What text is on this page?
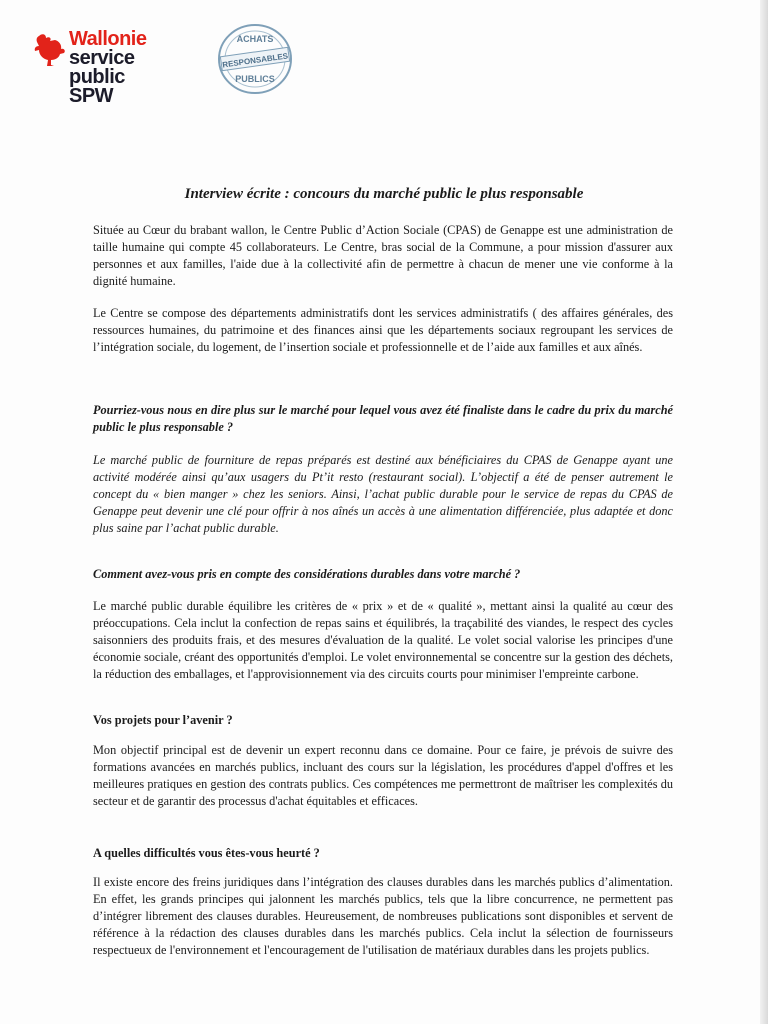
Wallonie
service public
SPW
ACHATS
RESPONSABLES
PUBLICS
Interview écrite : concours du marché public le plus responsable

Située au Cœur du brabant wallon, le Centre Public d’Action Sociale (CPAS) de Genappe est une administration de taille humaine qui compte 45 collaborateurs. Le Centre, bras social de la Commune, a pour mission d'assurer aux personnes et aux familles, l'aide due à la collectivité afin de permettre à chacun de mener une vie conforme à la dignité humaine.

Le Centre se compose des départements administratifs dont les services administratifs ( des affaires générales, des ressources humaines, du patrimoine et des finances ainsi que les départements sociaux regroupant les services de l’intégration sociale, du logement, de l’insertion sociale et professionnelle et de l’aide aux familles et aux aînés.

Pourriez-vous nous en dire plus sur le marché pour lequel vous avez été finaliste dans le cadre du prix du marché public le plus responsable ?

Le marché public de fourniture de repas préparés est destiné aux bénéficiaires du CPAS de Genappe ayant une activité modérée ainsi qu’aux usagers du Pt’it resto (restaurant social). L’objectif a été de penser autrement le concept du « bien manger » chez les seniors. Ainsi, l’achat public durable pour le service de repas du CPAS de Genappe peut devenir une clé pour offrir à nos aînés un accès à une alimentation différenciée, plus adaptée et donc plus saine par l’achat public durable.

Comment avez-vous pris en compte des considérations durables dans votre marché ?

Le marché public durable équilibre les critères de « prix » et de « qualité », mettant ainsi la qualité au cœur des préoccupations. Cela inclut la confection de repas sains et équilibrés, la traçabilité des viandes, le respect des cycles saisonniers des produits frais, et des mesures d'évaluation de la qualité. Le volet social valorise les principes d'une économie sociale, créant des opportunités d'emploi. Le volet environnemental se concentre sur la gestion des déchets, la réduction des emballages, et l'approvisionnement via des circuits courts pour minimiser l'empreinte carbone.

Vos projets pour l’avenir ?

Mon objectif principal est de devenir un expert reconnu dans ce domaine. Pour ce faire, je prévois de suivre des formations avancées en marchés publics, incluant des cours sur la législation, les procédures d'appel d'offres et les meilleures pratiques en gestion des contrats publics. Ces compétences me permettront de maîtriser les complexités du secteur et de garantir des processus d'achat équitables et efficaces.

A quelles difficultés vous êtes-vous heurté ?

Il existe encore des freins juridiques dans l’intégration des clauses durables dans les marchés publics d’alimentation. En effet, les grands principes qui jalonnent les marchés publics, tels que la libre concurrence, ne permettent pas d’intégrer librement des clauses durables. Heureusement, de nombreuses publications sont disponibles et servent de référence à la rédaction des clauses durables dans les marchés publics. Cela inclut la sélection de fournisseurs respectueux de l'environnement et l'encouragement de l'utilisation de matériaux durables dans les projets publics.
